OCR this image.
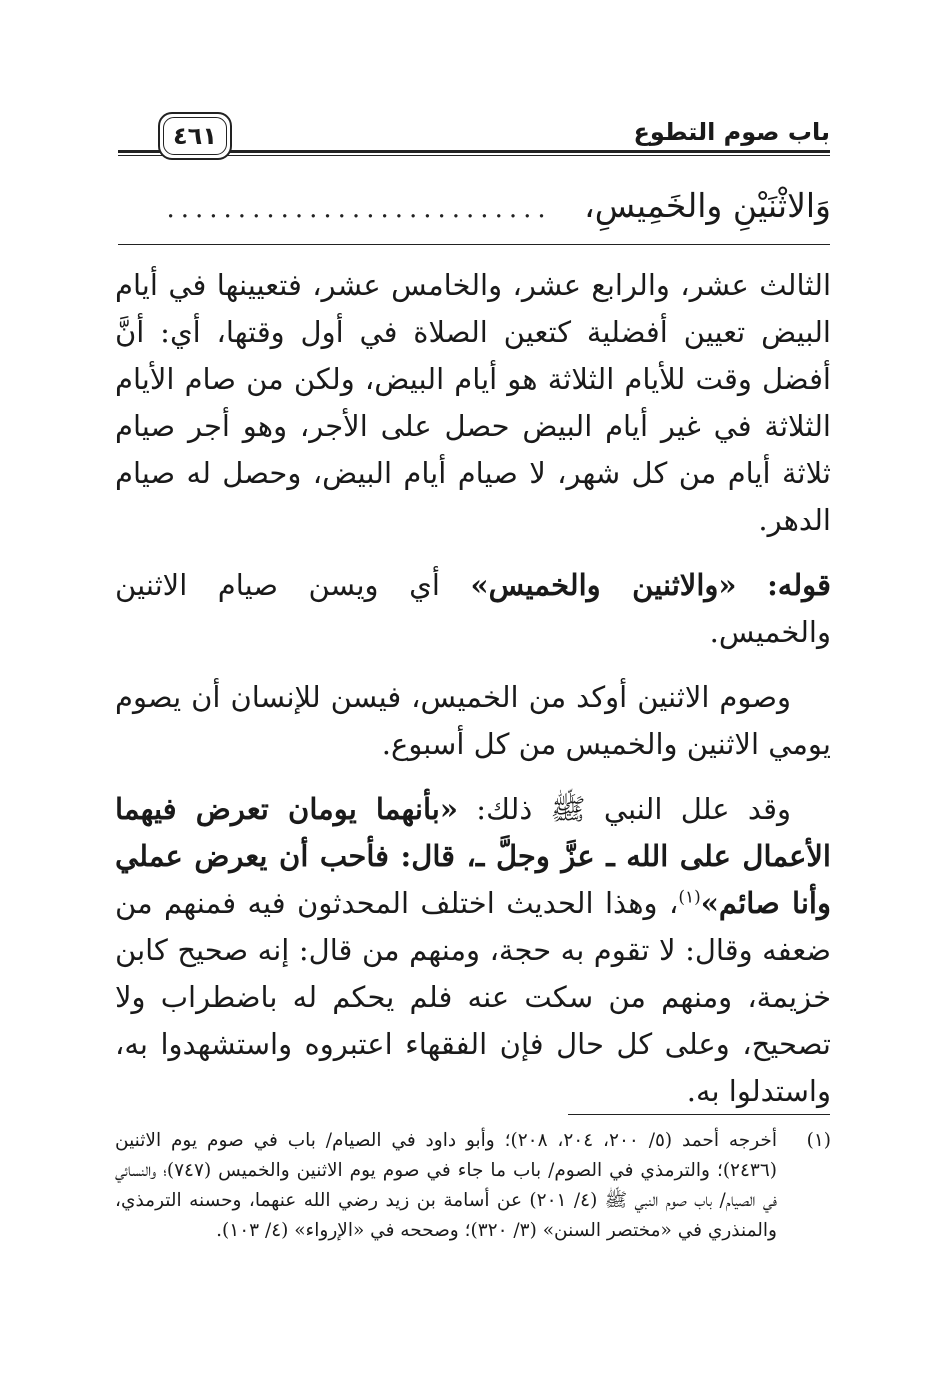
باب صوم التطوع
٤٦١
وَالاثْنَيْنِ والخَمِيسِ، ...........................

الثالث عشر، والرابع عشر، والخامس عشر، فتعيينها في أيام البيض تعيين أفضلية كتعين الصلاة في أول وقتها، أي: أنَّ أفضل وقت للأيام الثلاثة هو أيام البيض، ولكن من صام الأيام الثلاثة في غير أيام البيض حصل على الأجر، وهو أجر صيام ثلاثة أيام من كل شهر، لا صيام أيام البيض، وحصل له صيام الدهر.

قوله: «والاثنين والخميس» أي ويسن صيام الاثنين والخميس.

وصوم الاثنين أوكد من الخميس، فيسن للإنسان أن يصوم يومي الاثنين والخميس من كل أسبوع.

وقد علل النبي ﷺ ذلك: «بأنهما يومان تعرض فيهما الأعمال على الله ـ عزَّ وجلَّ ـ، قال: فأحب أن يعرض عملي وأنا صائم»$^{(١)}$، وهذا الحديث اختلف المحدثون فيه فمنهم من ضعفه وقال: لا تقوم به حجة، ومنهم من قال: إنه صحيح كابن خزيمة، ومنهم من سكت عنه فلم يحكم له باضطراب ولا تصحيح، وعلى كل حال فإن الفقهاء اعتبروه واستشهدوا به، واستدلوا به.

(١)
أخرجه أحمد (٥/ ٢٠٠، ٢٠٤، ٢٠٨)؛ وأبو داود في الصيام/ باب في صوم يوم الاثنين (٢٤٣٦)؛ والترمذي في الصوم/ باب ما جاء في صوم يوم الاثنين والخميس (٧٤٧)؛ والنسائي في الصيام/ باب صوم النبي ﷺ (٤/ ٢٠١) عن أسامة بن زيد رضي الله عنهما، وحسنه الترمذي، والمنذري في «مختصر السنن» (٣/ ٣٢٠)؛ وصححه في «الإرواء» (٤/ ١٠٣).
